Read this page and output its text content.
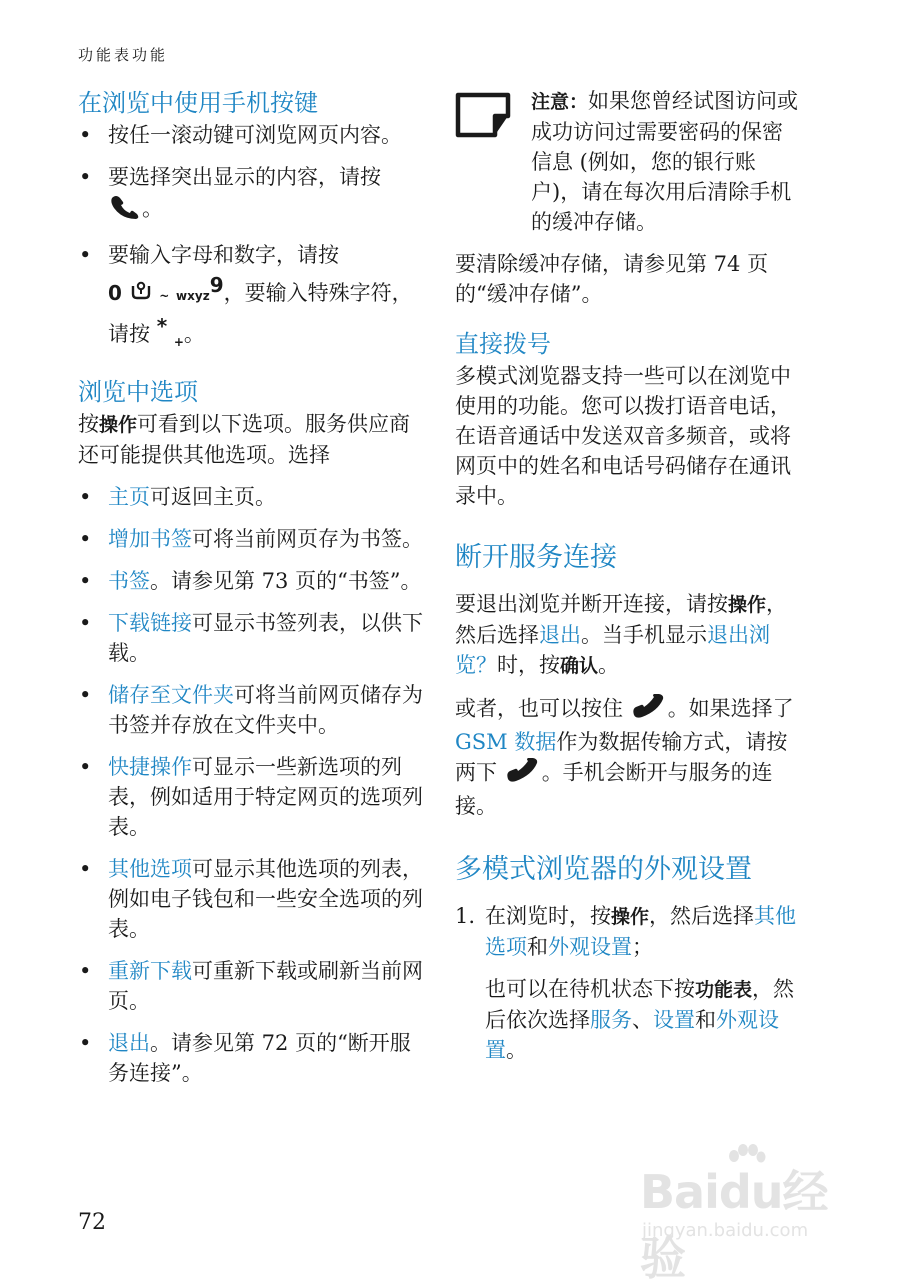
功能表功能
在浏览中使用手机按键
• 按任一滚动键可浏览网页内容。
• 要选择突出显示的内容，请按
。
• 要输入字母和数字，请按
0	~ wxyz$^9$，要输入特殊字符，请按 * $_+$。
浏览中选项

按操作可看到以下选项。服务供应商还可能提供其他选项。选择

• 主页可返回主页。
• 增加书签可将当前网页存为书签。
• 书签。请参见第 73 页的“书签”。
• 下载链接可显示书签列表，以供下载。
• 储存至文件夹可将当前网页储存为书签并存放在文件夹中。
• 快捷操作可显示一些新选项的列表，例如适用于特定网页的选项列表。
• 其他选项可显示其他选项的列表，例如电子钱包和一些安全选项的列表。
• 重新下载可重新下载或刷新当前网页。
• 退出。请参见第 72 页的“断开服务连接”。

注意：如果您曾经试图访问或成功访问过需要密码的保密信息 (例如，您的银行账户)，请在每次用后清除手机的缓冲存储。

要清除缓冲存储，请参见第 74 页的“缓冲存储”。

直接拨号

多模式浏览器支持一些可以在浏览中使用的功能。您可以拨打语音电话，在语音通话中发送双音多频音，或将网页中的姓名和电话号码储存在通讯录中。

断开服务连接

要退出浏览并断开连接，请按操作，然后选择退出。当手机显示退出浏览？时，按确认。

或者，也可以按住 。如果选择了GSM 数据作为数据传输方式，请按两下 。手机会断开与服务的连接。

多模式浏览器的外观设置
1. 在浏览时，按操作，然后选择其他选项和外观设置；

也可以在待机状态下按功能表，然后依次选择服务、设置和外观设置。

72
Baidu经验
jingyan.baidu.com
